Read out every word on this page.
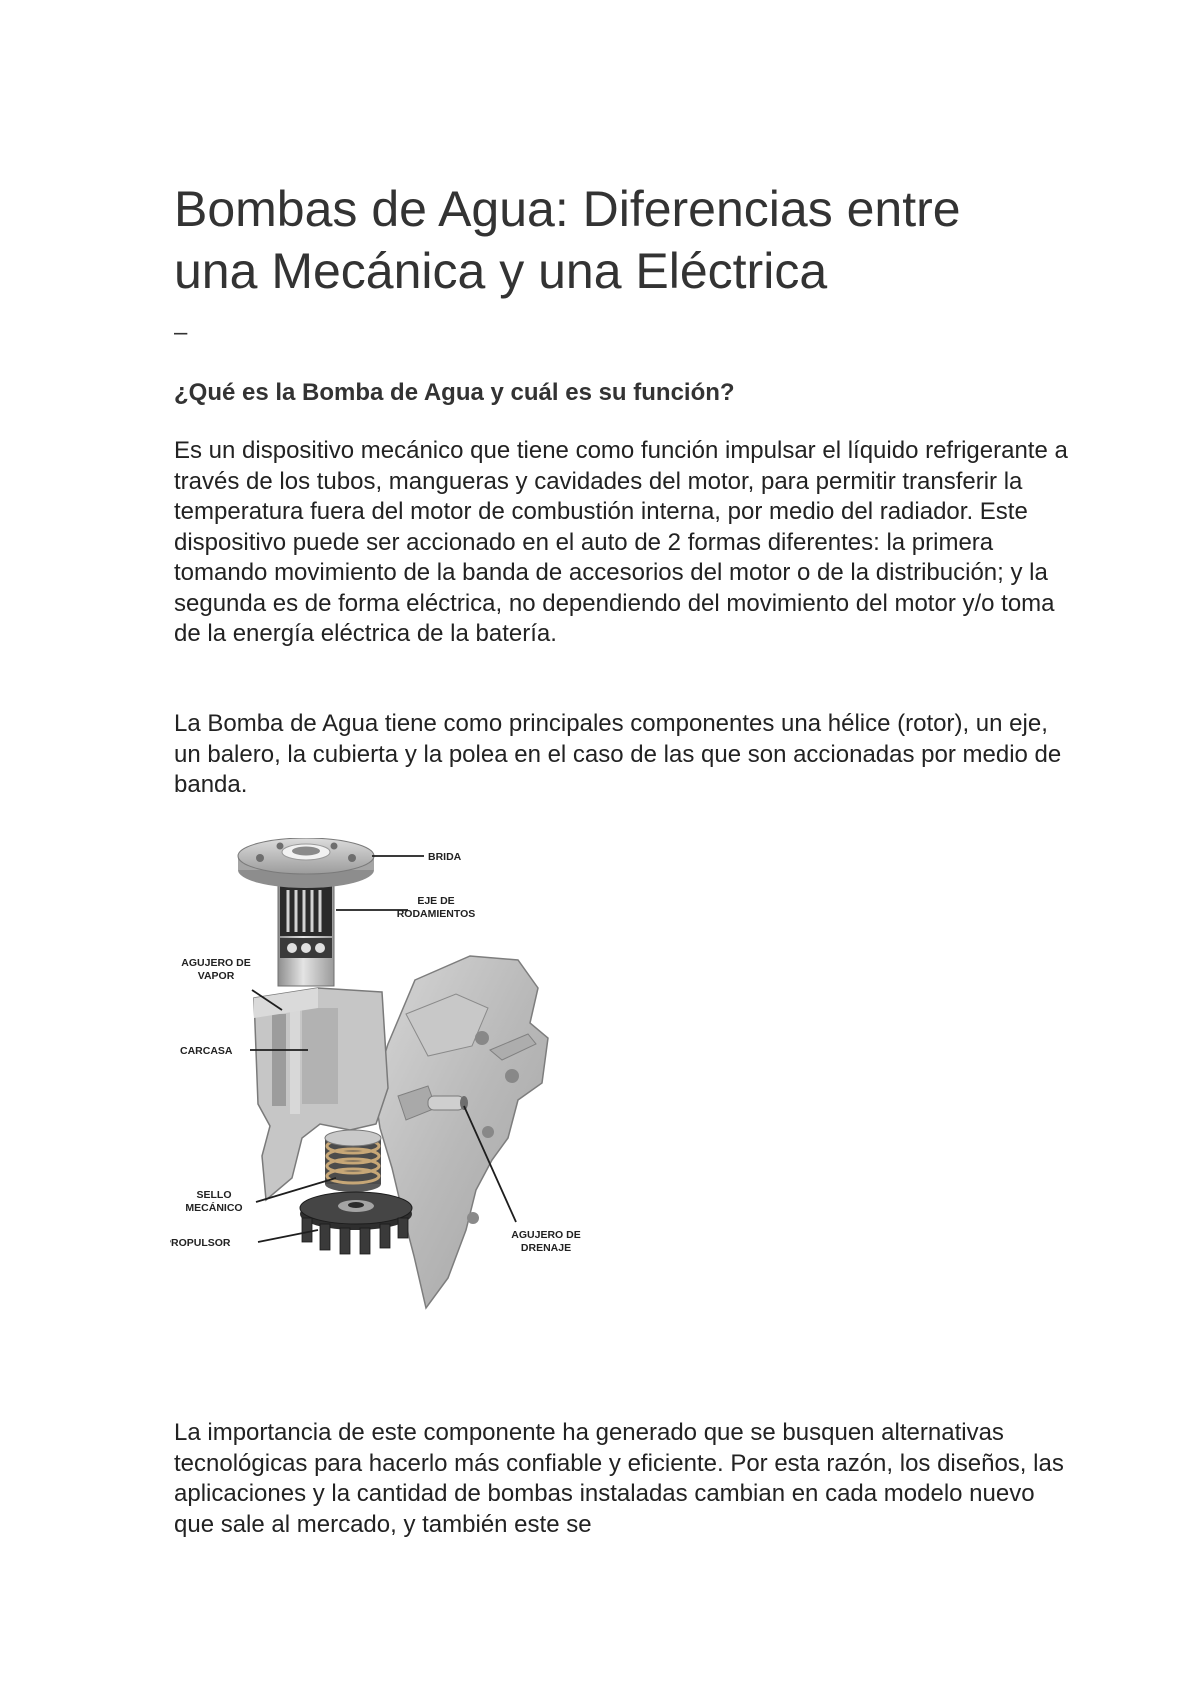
Bombas de Agua: Diferencias entre
una Mecánica y una Eléctrica

–

¿Qué es la Bomba de Agua y cuál es su función?

Es un dispositivo mecánico que tiene como función impulsar el líquido refrigerante a través de los tubos, mangueras y cavidades del motor, para permitir transferir la temperatura fuera del motor de combustión interna, por medio del radiador. Este dispositivo puede ser accionado en el auto de 2 formas diferentes: la primera tomando movimiento de la banda de accesorios del motor o de la distribución; y la segunda es de forma eléctrica, no dependiendo del movimiento del motor y/o toma de la energía eléctrica de la batería.

La Bomba de Agua tiene como principales componentes una hélice (rotor), un eje, un balero, la cubierta y la polea en el caso de las que son accionadas por medio de banda.

BRIDA
EJE DE
RODAMIENTOS
AGUJERO DE
VAPOR
CARCASA
SELLO
MECÁNICO
PROPULSOR
AGUJERO DE
DRENAJE

La importancia de este componente ha generado que se busquen alternativas tecnológicas para hacerlo más confiable y eficiente. Por esta razón, los diseños, las aplicaciones y la cantidad de bombas instaladas cambian en cada modelo nuevo que sale al mercado, y también este se
